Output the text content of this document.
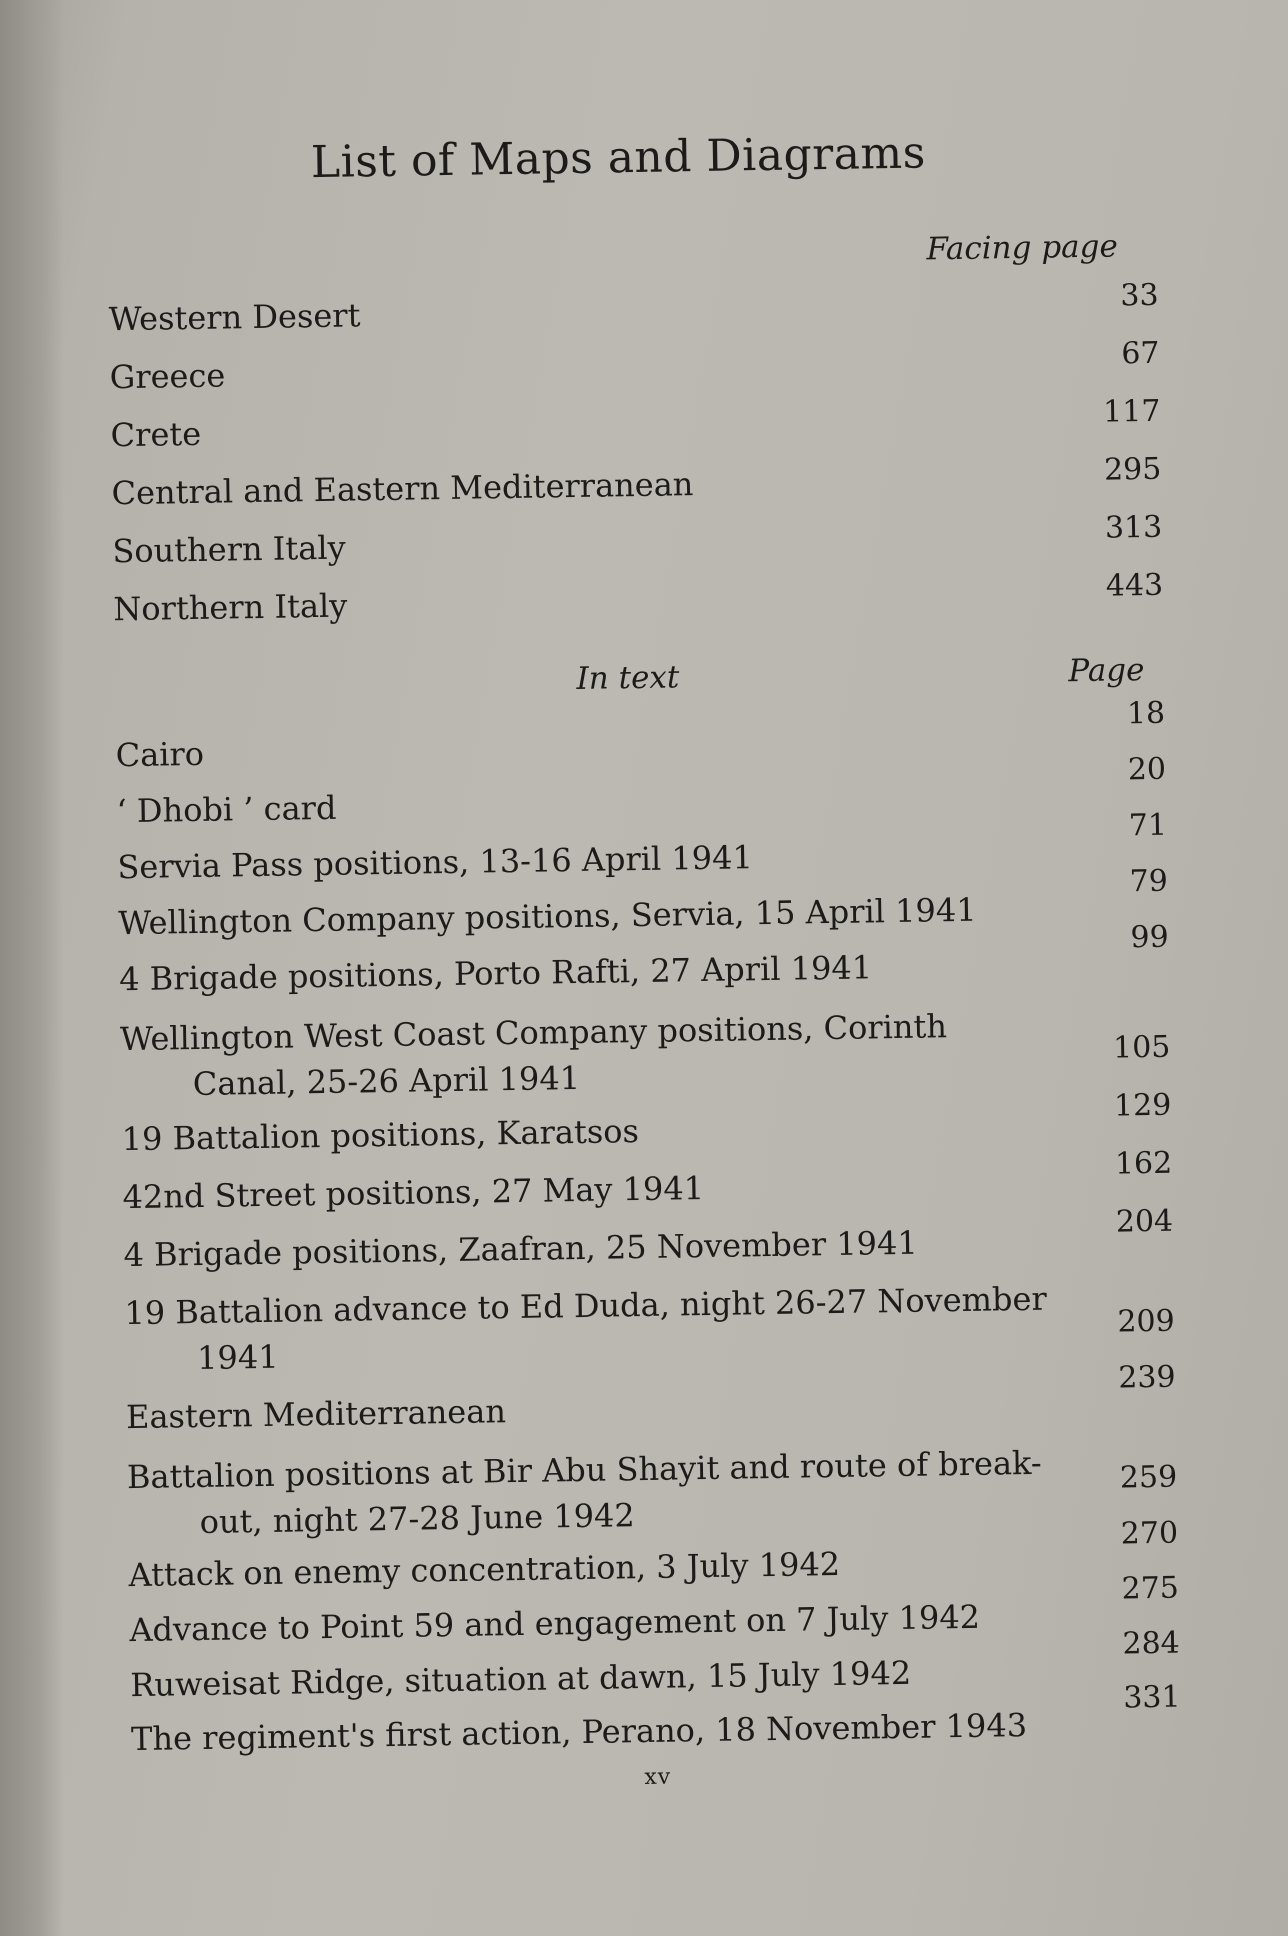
List of Maps and Diagrams
Facing page
Western Desert
33
Greece
67
Crete
117
Central and Eastern Mediterranean	295
Southern Italy
313
Northern Italy
443
In text	Page
Cairo
18
‘ Dhobi ’ card
20
Servia Pass positions, 13-16 April 1941
71
Wellington Company positions, Servia, 15 April 1941
79
4 Brigade positions, Porto Rafti, 27 April 1941
99
Wellington West Coast Company positions, Corinth
Canal, 25-26 April 1941
105
19 Battalion positions, Karatsos
129
42nd Street positions, 27 May 1941
162
4 Brigade positions, Zaafran, 25 November 1941
204
19 Battalion advance to Ed Duda, night 26-27 November
1941
209
Eastern Mediterranean
239
Battalion positions at Bir Abu Shayit and route of break-
out, night 27-28 June 1942
259
Attack on enemy concentration, 3 July 1942
270
Advance to Point 59 and engagement on 7 July 1942
275
Ruweisat Ridge, situation at dawn, 15 July 1942
284
The regiment's first action, Perano, 18 November 1943
331
xv
